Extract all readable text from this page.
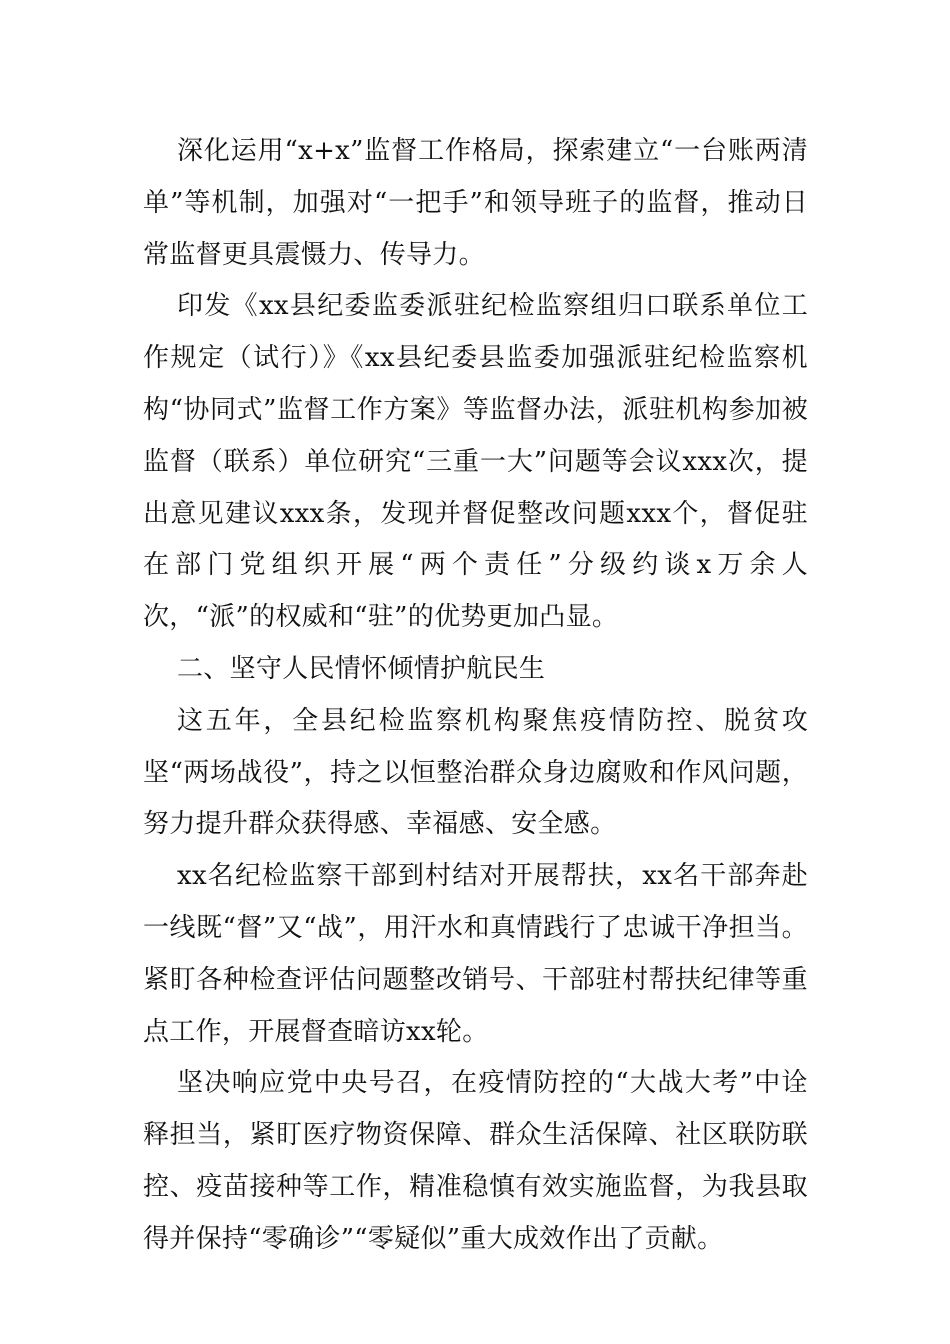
深化运用“x+x”监督工作格局，探索建立“一台账两清单”等机制，加强对“一把手”和领导班子的监督，推动日常监督更具震慑力、传导力。

印发《xx县纪委监委派驻纪检监察组归口联系单位工作规定（试行）》《xx县纪委县监委加强派驻纪检监察机构“协同式”监督工作方案》等监督办法，派驻机构参加被监督（联系）单位研究“三重一大”问题等会议xxx次，提出意见建议xxx条，发现并督促整改问题xxx个，督促驻在部门党组织开展“两个责任”分级约谈x万余人次，“派”的权威和“驻”的优势更加凸显。

二、坚守人民情怀倾情护航民生

这五年，全县纪检监察机构聚焦疫情防控、脱贫攻坚“两场战役”，持之以恒整治群众身边腐败和作风问题，努力提升群众获得感、幸福感、安全感。

xx名纪检监察干部到村结对开展帮扶，xx名干部奔赴一线既“督”又“战”，用汗水和真情践行了忠诚干净担当。紧盯各种检查评估问题整改销号、干部驻村帮扶纪律等重点工作，开展督查暗访xx轮。

坚决响应党中央号召，在疫情防控的“大战大考”中诠释担当，紧盯医疗物资保障、群众生活保障、社区联防联控、疫苗接种等工作，精准稳慎有效实施监督，为我县取得并保持“零确诊”“零疑似”重大成效作出了贡献。
